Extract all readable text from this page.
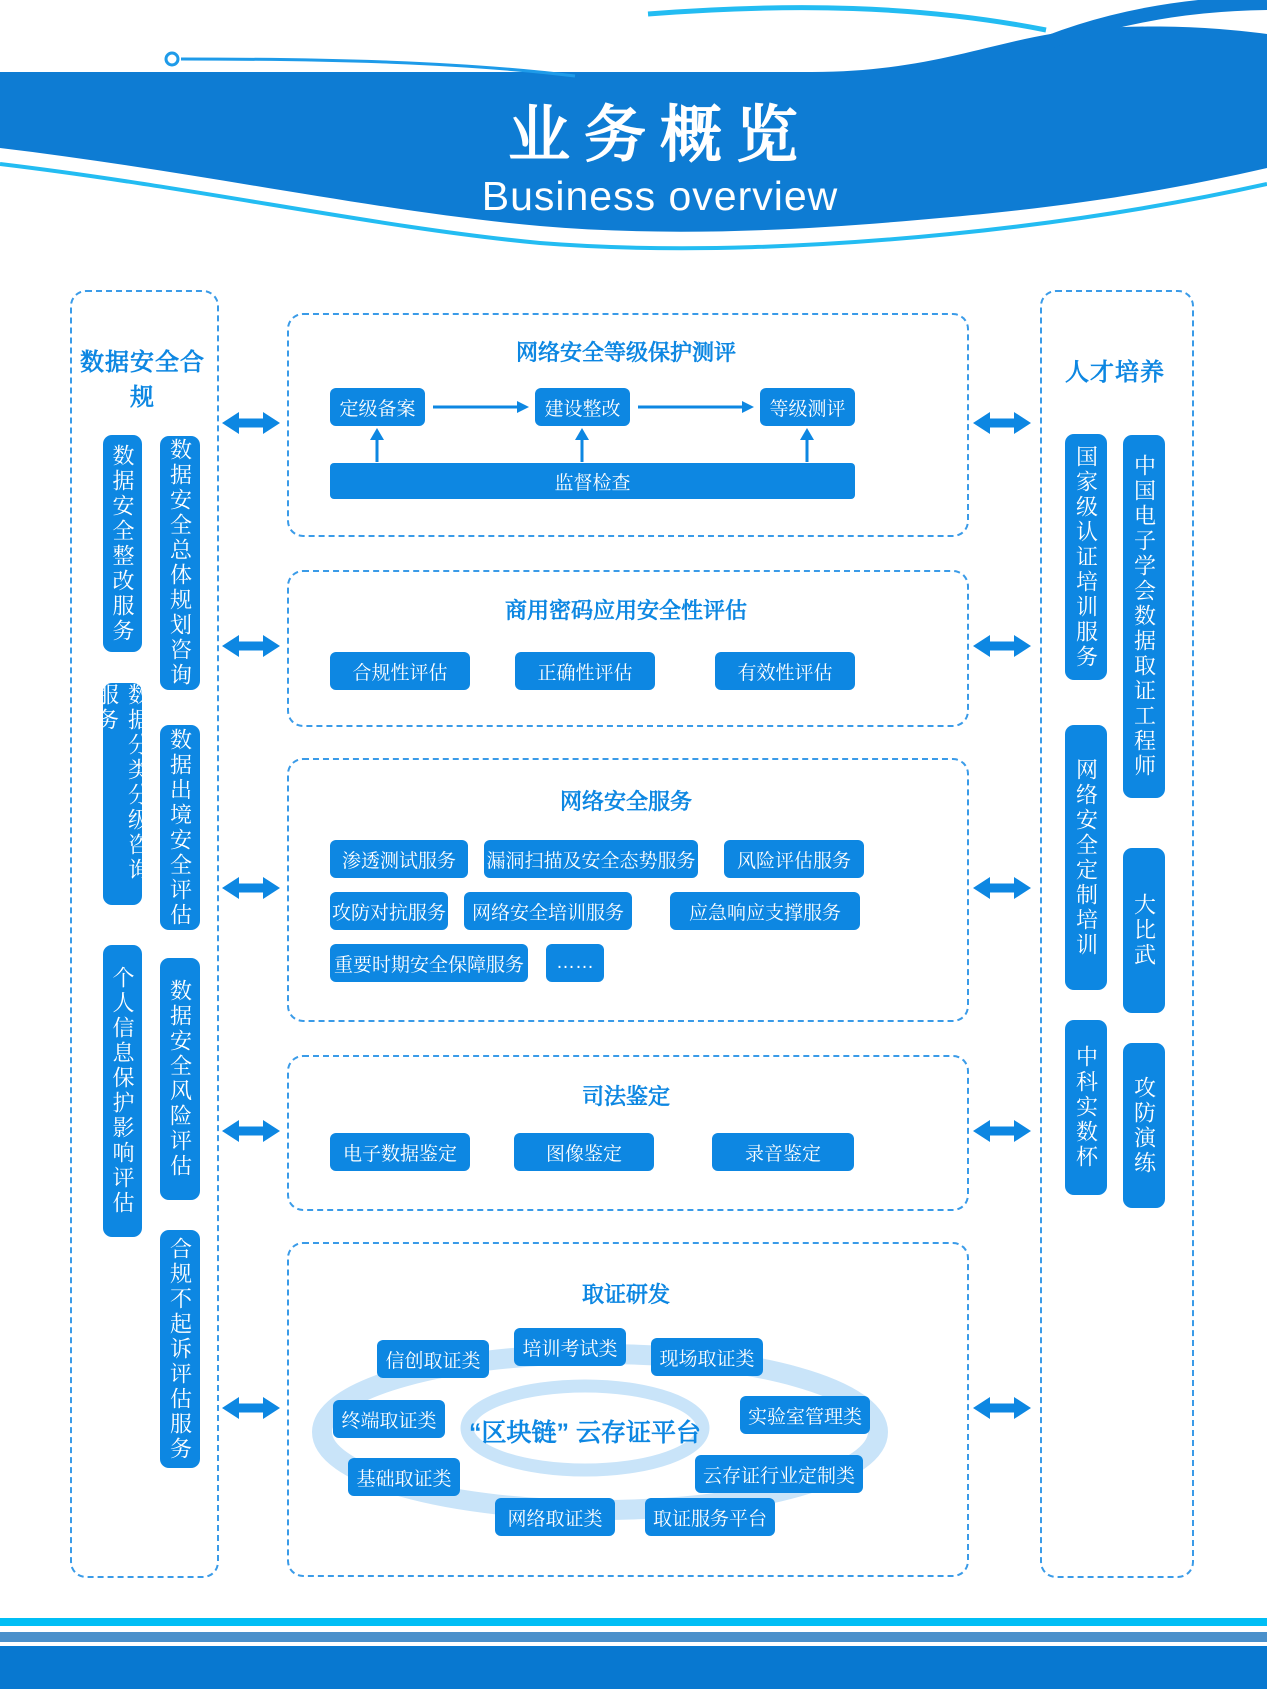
业务概览
Business overview
数据安全合规
数据安全整改服务
数据分类分级咨询服务
个人信息保护影响评估
数据安全总体规划咨询
数据出境安全评估
数据安全风险评估
合规不起诉评估服务
人才培养
国家级认证培训服务
网络安全定制培训
中科实数杯
中国电子学会数据取证工程师
大比武
攻防演练
网络安全等级保护测评
定级备案	建设整改	等级测评
监督检查
商用密码应用安全性评估
合规性评估	正确性评估	有效性评估
网络安全服务
渗透测试服务	漏洞扫描及安全态势服务	风险评估服务
攻防对抗服务	网络安全培训服务	应急响应支撑服务
重要时期安全保障服务	……
司法鉴定
电子数据鉴定	图像鉴定	录音鉴定
取证研发
“区块链” 云存证平台
信创取证类
培训考试类	现场取证类
终端取证类	实验室管理类
基础取证类	云存证行业定制类
网络取证类	取证服务平台
